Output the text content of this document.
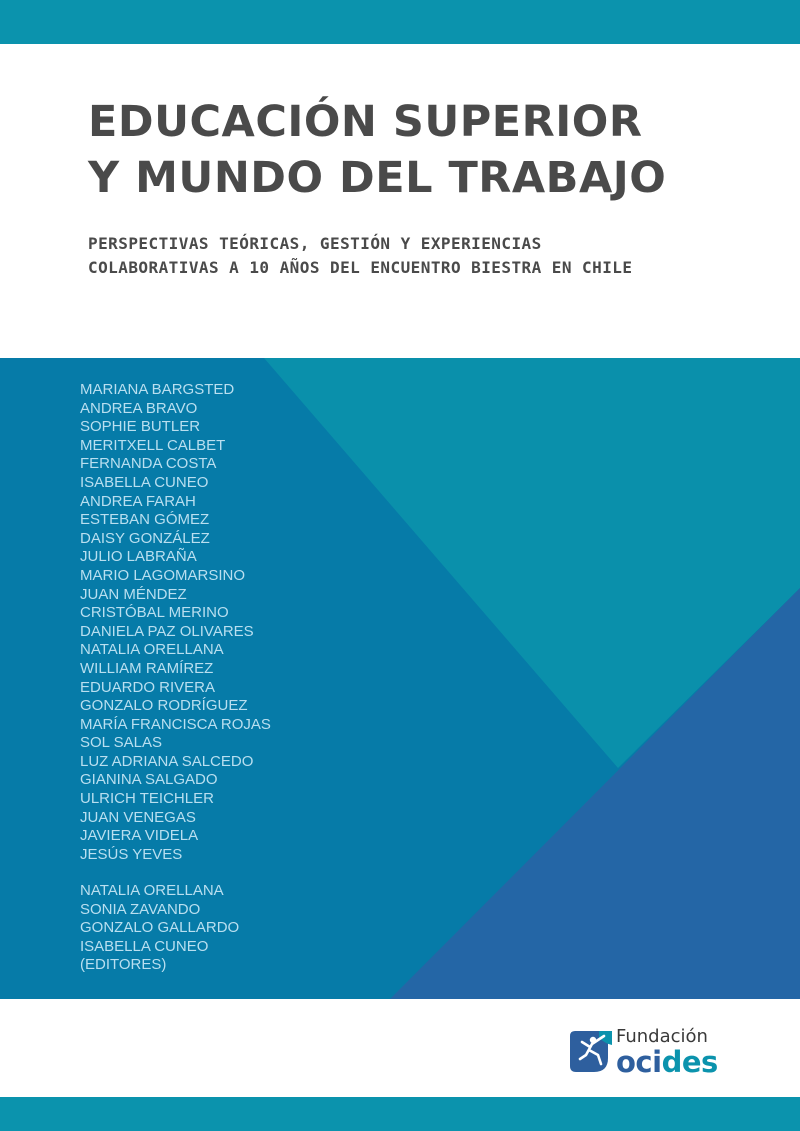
EDUCACIÓN SUPERIOR
Y MUNDO DEL TRABAJO
PERSPECTIVAS TEÓRICAS, GESTIÓN Y EXPERIENCIAS
COLABORATIVAS A 10 AÑOS DEL ENCUENTRO BIESTRA EN CHILE
MARIANA BARGSTED
ANDREA BRAVO
SOPHIE BUTLER
MERITXELL CALBET
FERNANDA COSTA
ISABELLA CUNEO
ANDREA FARAH
ESTEBAN GÓMEZ
DAISY GONZÁLEZ
JULIO LABRAÑA
MARIO LAGOMARSINO
JUAN MÉNDEZ
CRISTÓBAL MERINO
DANIELA PAZ OLIVARES
NATALIA ORELLANA
WILLIAM RAMÍREZ
EDUARDO RIVERA
GONZALO RODRÍGUEZ
MARÍA FRANCISCA ROJAS
SOL SALAS
LUZ ADRIANA SALCEDO
GIANINA SALGADO
ULRICH TEICHLER
JUAN VENEGAS
JAVIERA VIDELA
JESÚS YEVES
NATALIA ORELLANA
SONIA ZAVANDO
GONZALO GALLARDO
ISABELLA CUNEO
(EDITORES)
Fundación
ocides
